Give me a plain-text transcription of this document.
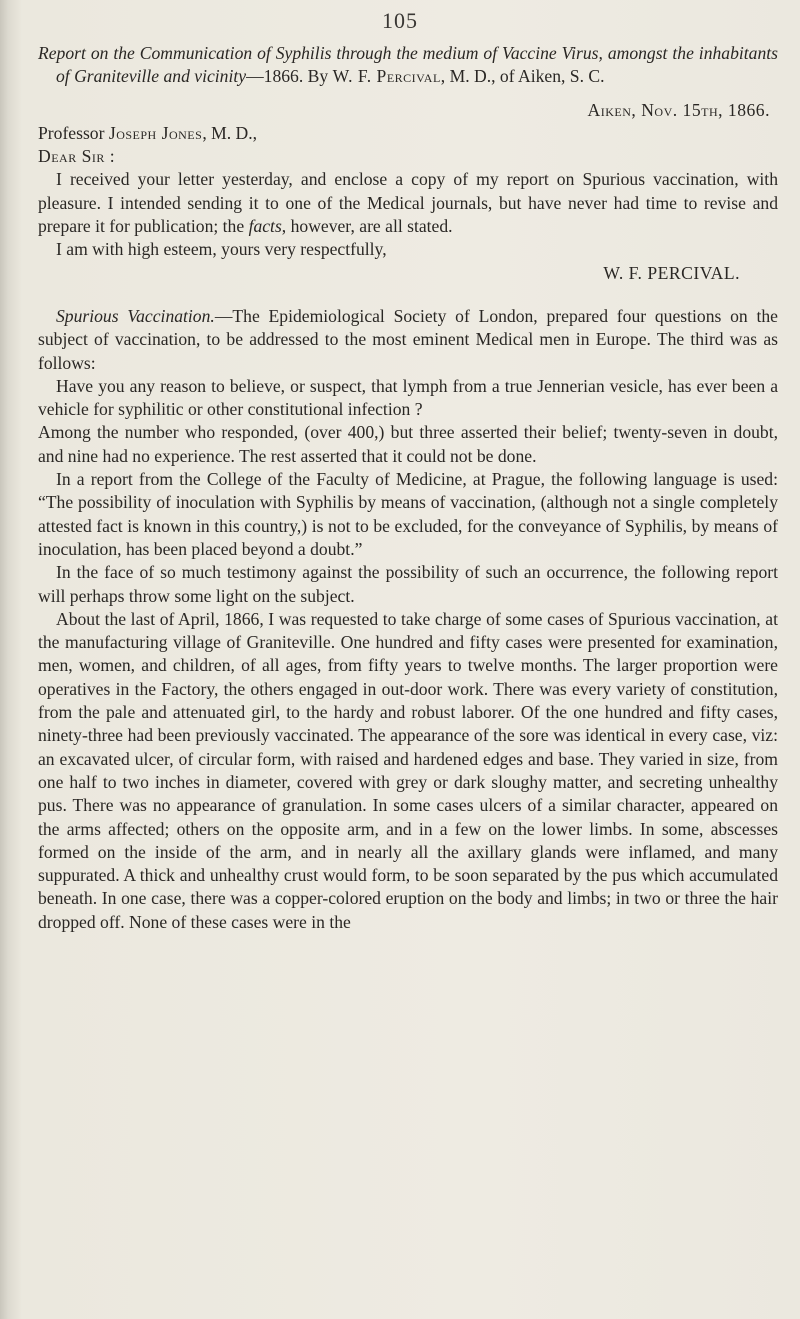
105

Report on the Communication of Syphilis through the medium of Vaccine Virus, amongst the inhabitants of Graniteville and vicinity—1866. By W. F. Percival, M. D., of Aiken, S. C.

Aiken, Nov. 15th, 1866.

Professor Joseph Jones, M. D.,

Dear Sir :

I received your letter yesterday, and enclose a copy of my report on Spurious vaccination, with pleasure. I intended sending it to one of the Medical journals, but have never had time to revise and prepare it for publication; the facts, however, are all stated.

I am with high esteem, yours very respectfully,

W. F. PERCIVAL.

Spurious Vaccination.—The Epidemiological Society of London, prepared four questions on the subject of vaccination, to be addressed to the most eminent Medical men in Europe. The third was as follows:

Have you any reason to believe, or suspect, that lymph from a true Jennerian vesicle, has ever been a vehicle for syphilitic or other constitutional infection ?

Among the number who responded, (over 400,) but three asserted their belief; twenty-seven in doubt, and nine had no experience. The rest asserted that it could not be done.

In a report from the College of the Faculty of Medicine, at Prague, the following language is used: “The possibility of inoculation with Syphilis by means of vaccination, (although not a single completely attested fact is known in this country,) is not to be excluded, for the conveyance of Syphilis, by means of inoculation, has been placed beyond a doubt.”

In the face of so much testimony against the possibility of such an occurrence, the following report will perhaps throw some light on the subject.

About the last of April, 1866, I was requested to take charge of some cases of Spurious vaccination, at the manufacturing village of Graniteville. One hundred and fifty cases were presented for examination, men, women, and children, of all ages, from fifty years to twelve months. The larger proportion were operatives in the Factory, the others engaged in out-door work. There was every variety of constitution, from the pale and attenuated girl, to the hardy and robust laborer. Of the one hundred and fifty cases, ninety-three had been previously vaccinated. The appearance of the sore was identical in every case, viz: an excavated ulcer, of circular form, with raised and hardened edges and base. They varied in size, from one half to two inches in diameter, covered with grey or dark sloughy matter, and secreting unhealthy pus. There was no appearance of granulation. In some cases ulcers of a similar character, appeared on the arms affected; others on the opposite arm, and in a few on the lower limbs. In some, abscesses formed on the inside of the arm, and in nearly all the axillary glands were inflamed, and many suppurated. A thick and unhealthy crust would form, to be soon separated by the pus which accumulated beneath. In one case, there was a copper-colored eruption on the body and limbs; in two or three the hair dropped off. None of these cases were in the
